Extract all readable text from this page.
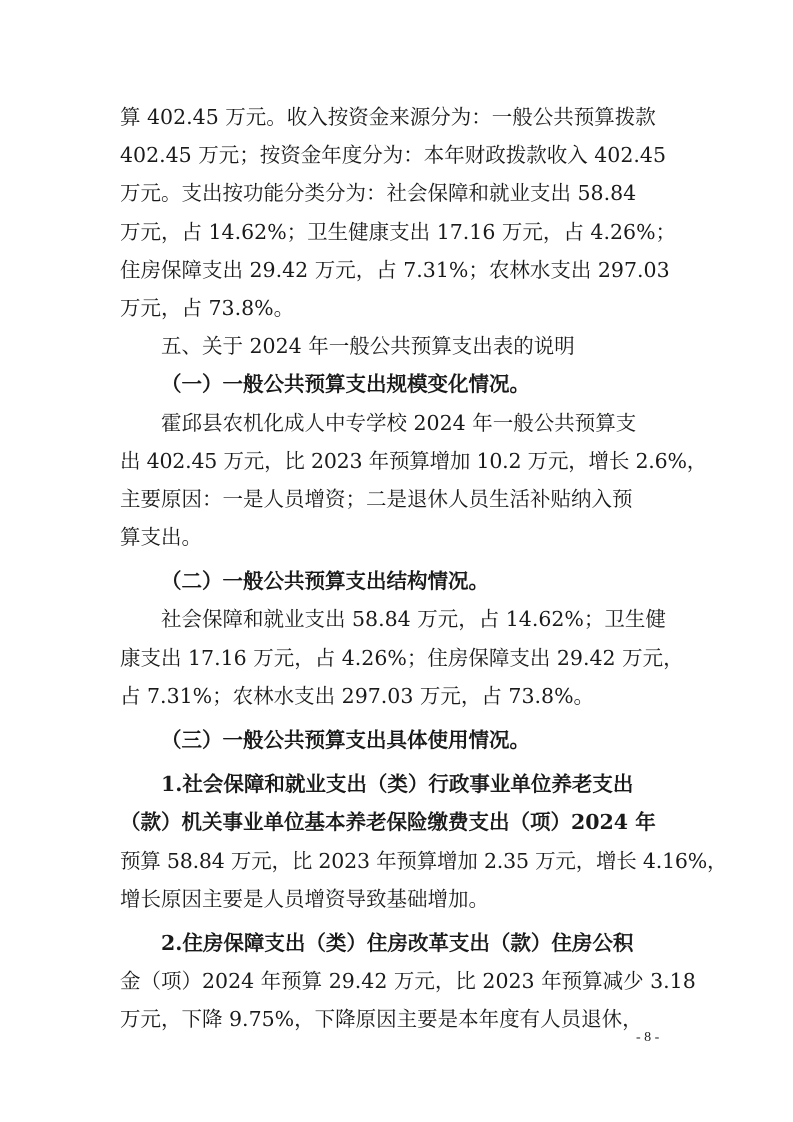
算 402.45 万元。收入按资金来源分为：一般公共预算拨款
402.45 万元；按资金年度分为：本年财政拨款收入 402.45
万元。支出按功能分类分为：社会保障和就业支出 58.84
万元，占 14.62%；卫生健康支出 17.16 万元，占 4.26%；
住房保障支出 29.42 万元，占 7.31%；农林水支出 297.03
万元，占 73.8%。
五、关于 2024 年一般公共预算支出表的说明
（一）一般公共预算支出规模变化情况。
霍邱县农机化成人中专学校 2024 年一般公共预算支
出 402.45 万元，比 2023 年预算增加 10.2 万元，增长 2.6%，
主要原因：一是人员增资；二是退休人员生活补贴纳入预
算支出。
（二）一般公共预算支出结构情况。
社会保障和就业支出 58.84 万元，占 14.62%；卫生健
康支出 17.16 万元，占 4.26%；住房保障支出 29.42 万元，
占 7.31%；农林水支出 297.03 万元，占 73.8%。
（三）一般公共预算支出具体使用情况。
1.社会保障和就业支出（类）行政事业单位养老支出
（款）机关事业单位基本养老保险缴费支出（项）2024 年
预算 58.84 万元，比 2023 年预算增加 2.35 万元，增长 4.16%，
增长原因主要是人员增资导致基础增加。
2.住房保障支出（类）住房改革支出（款）住房公积
金（项）2024 年预算 29.42 万元，比 2023 年预算减少 3.18
万元，下降 9.75%，下降原因主要是本年度有人员退休，
- 8 -
